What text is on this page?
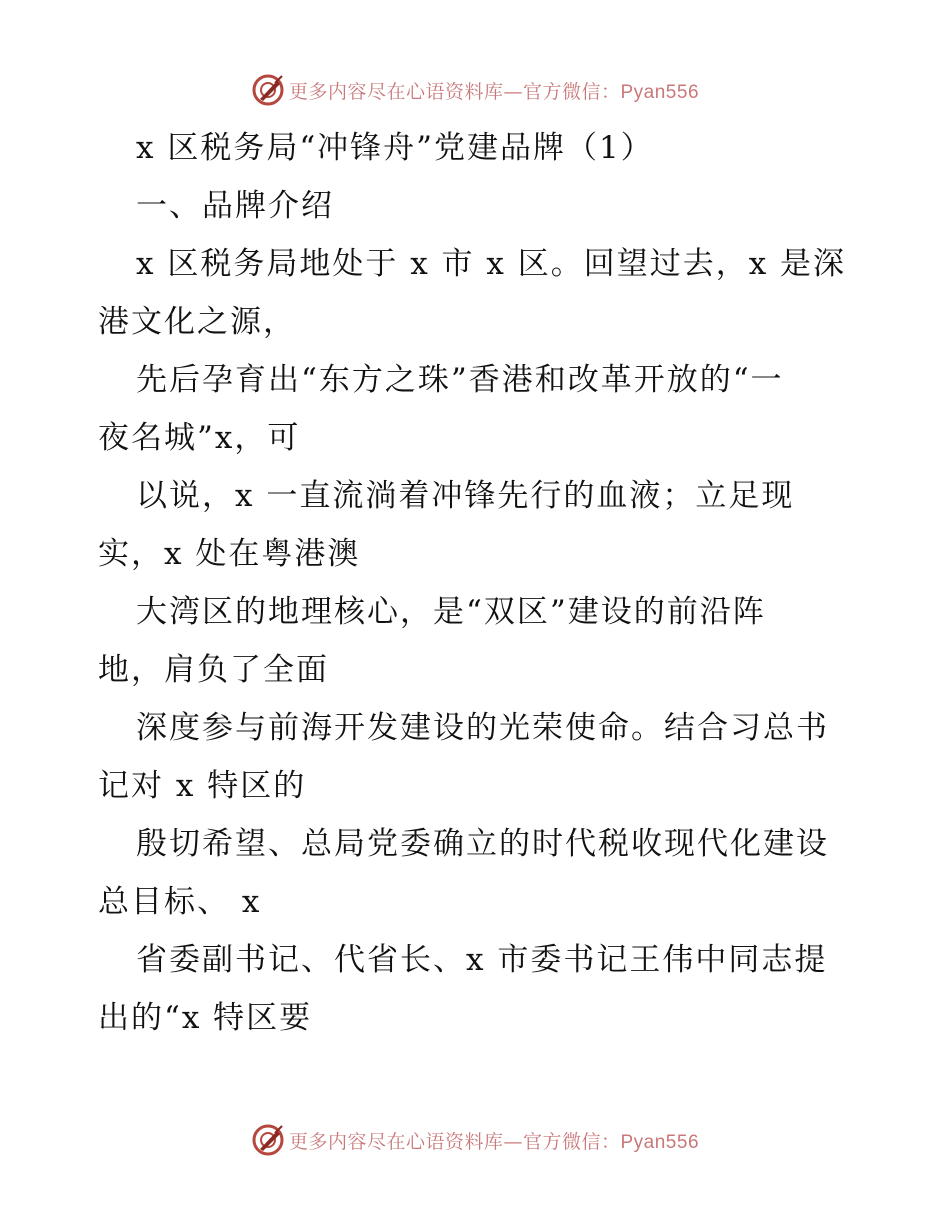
更多内容尽在心语资料库—官方微信：Pyan556
x 区税务局“冲锋舟”党建品牌（1）
一、品牌介绍
x 区税务局地处于 x 市 x 区。回望过去，x 是深
港文化之源，
先后孕育出“东方之珠”香港和改革开放的“一
夜名城”x，可
以说，x 一直流淌着冲锋先行的血液；立足现
实，x 处在粤港澳
大湾区的地理核心，是“双区”建设的前沿阵
地，肩负了全面
深度参与前海开发建设的光荣使命。结合习总书
记对 x 特区的
殷切希望、总局党委确立的时代税收现代化建设
总目标、 x
省委副书记、代省长、x 市委书记王伟中同志提
出的“x 特区要
更多内容尽在心语资料库—官方微信：Pyan556
